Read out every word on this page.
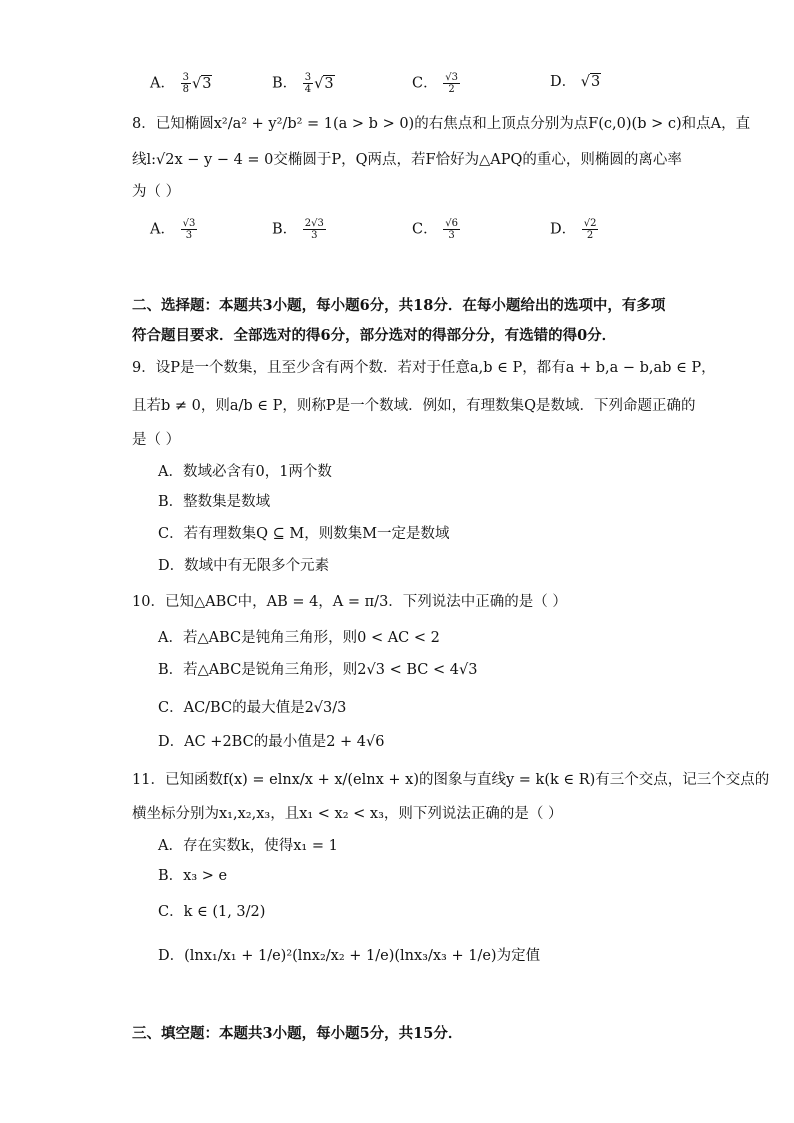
A． $\frac{3}{8} √3$	B． $\frac{3}{4} √3$	C． $\frac{√3}{2}$	D． √3
8．已知椭圆x²/a² + y²/b² = 1(a > b > 0)的右焦点和上顶点分别为点F(c,0)(b > c)和点A，直
线l:√2x − y − 4 = 0交椭圆于P，Q两点，若F恰好为△APQ的重心，则椭圆的离心率
为（ ）
A． $\frac{√3}{3}$	B． $\frac{2√3}{3}$	C． $\frac{√6}{3}$	D． $\frac{√2}{2}$
二、选择题：本题共3小题，每小题6分，共18分．在每小题给出的选项中，有多项
符合题目要求．全部选对的得6分，部分选对的得部分分，有选错的得0分．
9．设P是一个数集，且至少含有两个数．若对于任意a,b ∈ P，都有a + b,a − b,ab ∈ P，
且若b ≠ 0，则a/b ∈ P，则称P是一个数域．例如，有理数集Q是数域．下列命题正确的
是（ ）
A．数域必含有0，1两个数
B．整数集是数域
C．若有理数集Q ⊆ M，则数集M一定是数域
D．数域中有无限多个元素
10．已知△ABC中，AB = 4，A = π/3．下列说法中正确的是（ ）
A．若△ABC是钝角三角形，则0 < AC < 2
B．若△ABC是锐角三角形，则2√3 < BC < 4√3
C．AC/BC的最大值是2√3/3
D．AC +2BC的最小值是2 + 4√6
11．已知函数f(x) = elnx/x + x/(elnx + x)的图象与直线y = k(k ∈ R)有三个交点，记三个交点的
横坐标分别为x₁,x₂,x₃，且x₁ < x₂ < x₃，则下列说法正确的是（ ）
A．存在实数k，使得x₁ = 1
B．x₃ > e
C．k ∈ (1, 3/2)
D．(lnx₁/x₁ + 1/e)²(lnx₂/x₂ + 1/e)(lnx₃/x₃ + 1/e)为定值
三、填空题：本题共3小题，每小题5分，共15分．
